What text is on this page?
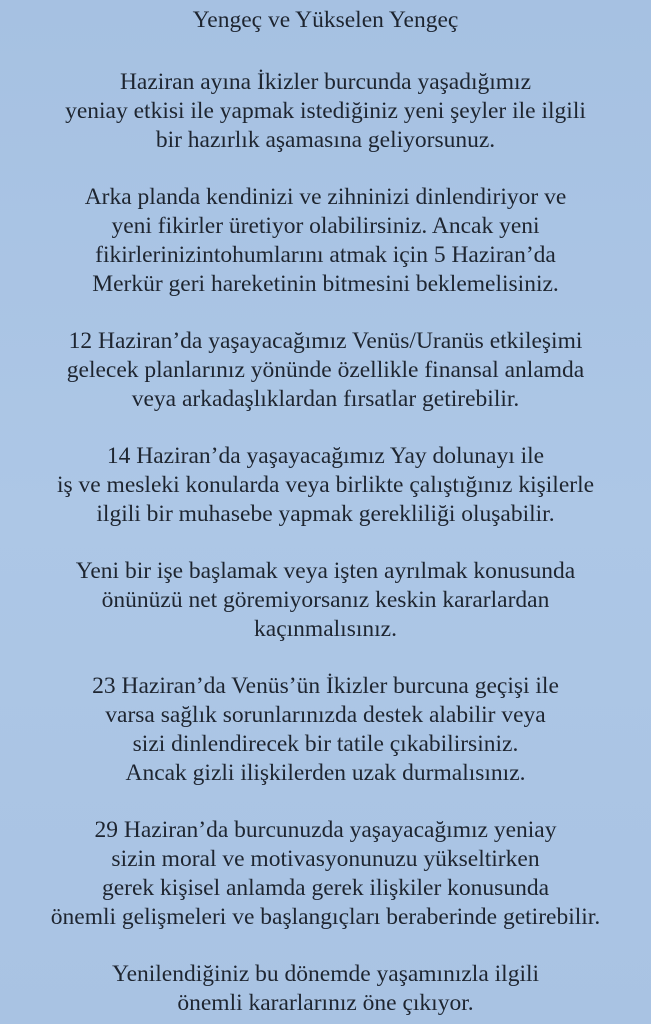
Yengeç ve Yükselen Yengeç
Haziran ayına İkizler burcunda yaşadığımız
yeniay etkisi ile yapmak istediğiniz yeni şeyler ile ilgili
bir hazırlık aşamasına geliyorsunuz.
Arka planda kendinizi ve zihninizi dinlendiriyor ve
yeni fikirler üretiyor olabilirsiniz. Ancak yeni
fikirlerinizintohumlarını atmak için 5 Haziran’da
Merkür geri hareketinin bitmesini beklemelisiniz.
12 Haziran’da yaşayacağımız Venüs/Uranüs etkileşimi
gelecek planlarınız yönünde özellikle finansal anlamda
veya arkadaşlıklardan fırsatlar getirebilir.
14 Haziran’da yaşayacağımız Yay dolunayı ile
iş ve mesleki konularda veya birlikte çalıştığınız kişilerle
ilgili bir muhasebe yapmak gerekliliği oluşabilir.
Yeni bir işe başlamak veya işten ayrılmak konusunda
önünüzü net göremiyorsanız keskin kararlardan
kaçınmalısınız.
23 Haziran’da Venüs’ün İkizler burcuna geçişi ile
varsa sağlık sorunlarınızda destek alabilir veya
sizi dinlendirecek bir tatile çıkabilirsiniz.
Ancak gizli ilişkilerden uzak durmalısınız.
29 Haziran’da burcunuzda yaşayacağımız yeniay
sizin moral ve motivasyonunuzu yükseltirken
gerek kişisel anlamda gerek ilişkiler konusunda
önemli gelişmeleri ve başlangıçları beraberinde getirebilir.
Yenilendiğiniz bu dönemde yaşamınızla ilgili
önemli kararlarınız öne çıkıyor.
